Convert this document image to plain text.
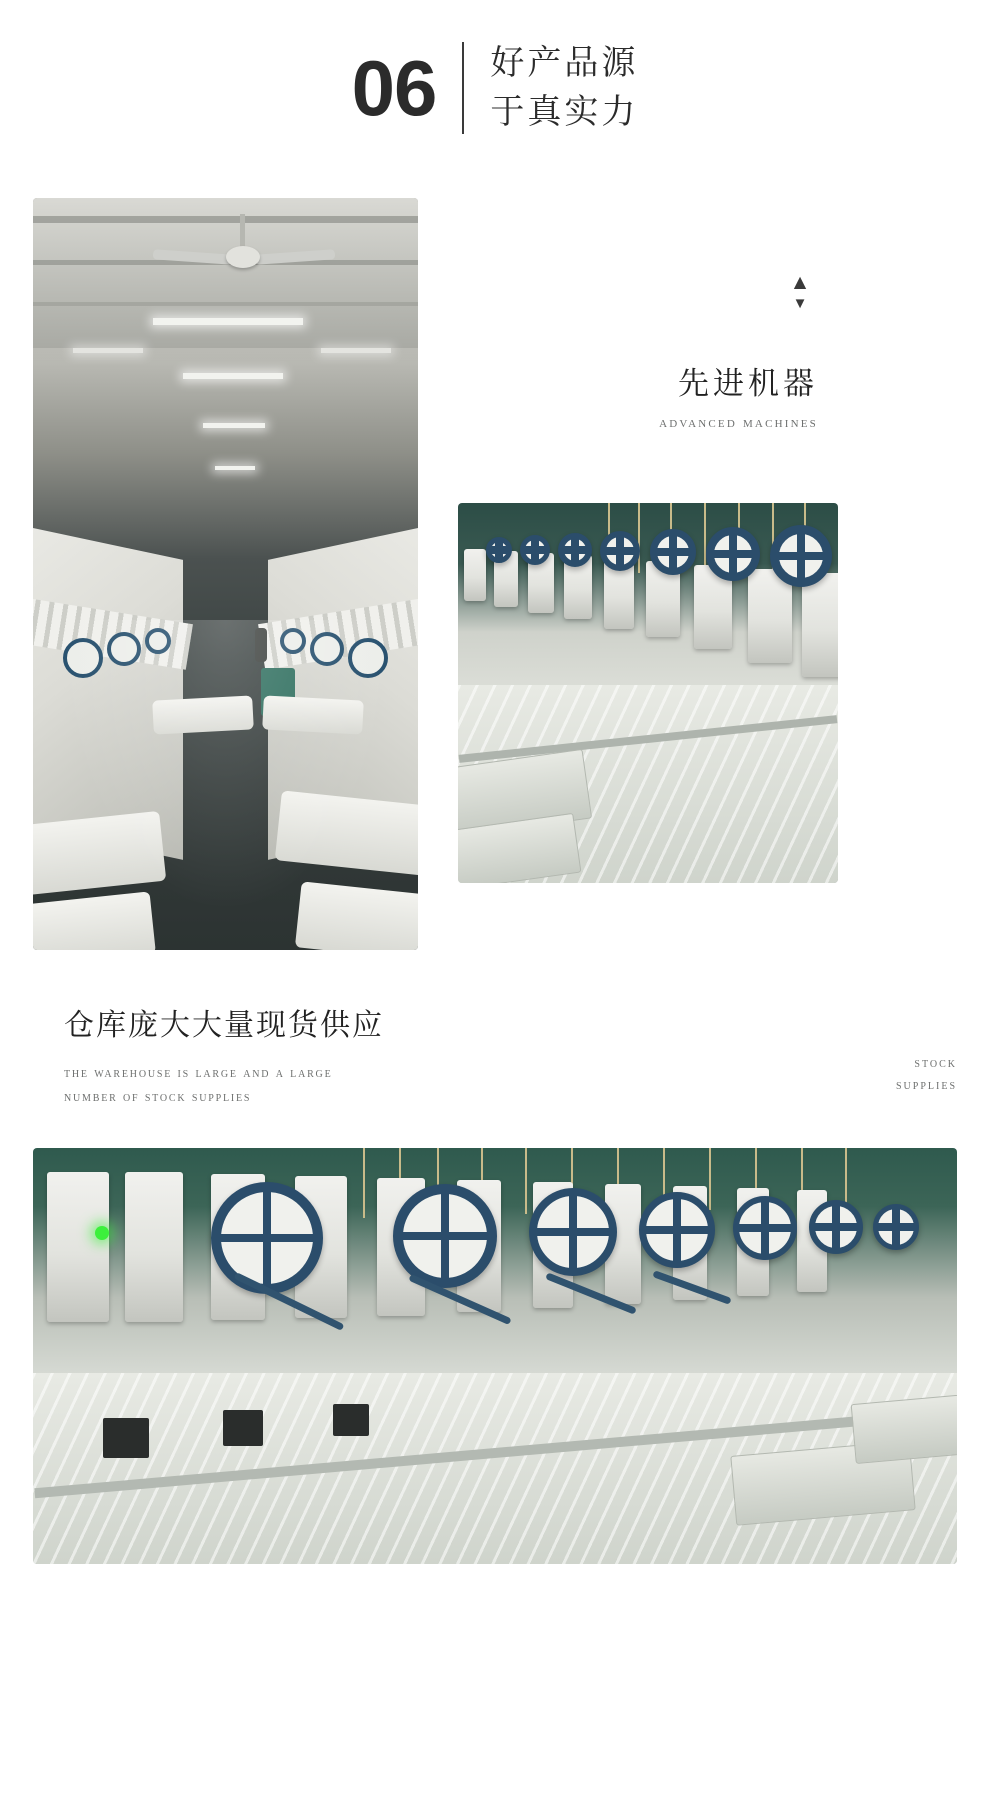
06 好产品源
于真实力
▲
▼
先进机器
advanced machines
仓库庞大大量现货供应
the warehouse is large and a large number of stock supplies
stock
supplies
